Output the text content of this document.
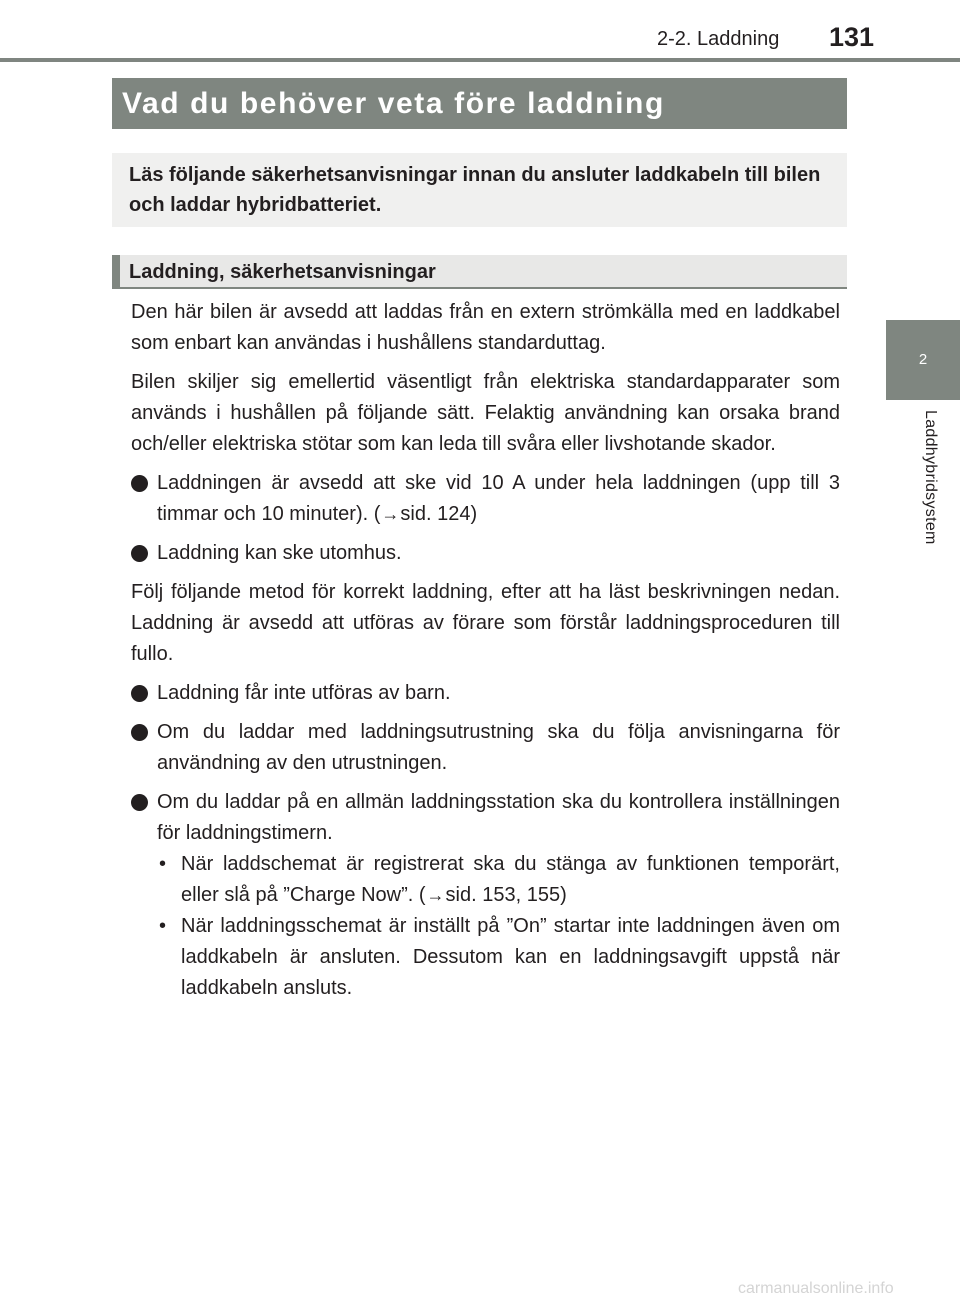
2-2. Laddning 131
2
Laddhybridsystem
Vad du behöver veta före laddning
Läs följande säkerhetsanvisningar innan du ansluter laddkabeln till bilen och laddar hybridbatteriet.
Laddning, säkerhetsanvisningar

Den här bilen är avsedd att laddas från en extern strömkälla med en laddkabel som enbart kan användas i hushållens standarduttag.

Bilen skiljer sig emellertid väsentligt från elektriska standardapparater som används i hushållen på följande sätt. Felaktig användning kan orsaka brand och/eller elektriska stötar som kan leda till svåra eller livshotande skador.

Laddningen är avsedd att ske vid 10 A under hela laddningen (upp till 3 timmar och 10 minuter). (→sid. 124)
Laddning kan ske utomhus.

Följ följande metod för korrekt laddning, efter att ha läst beskrivningen nedan. Laddning är avsedd att utföras av förare som förstår laddningsproceduren till fullo.

Laddning får inte utföras av barn.
Om du laddar med laddningsutrustning ska du följa anvisningarna för användning av den utrustningen.
Om du laddar på en allmän laddningsstation ska du kontrollera inställningen för laddningstimern.
• När laddschemat är registrerat ska du stänga av funktionen temporärt, eller slå på ”Charge Now”. (→sid. 153, 155)
• När laddningsschemat är inställt på ”On” startar inte laddningen även om laddkabeln är ansluten. Dessutom kan en laddningsavgift uppstå när laddkabeln ansluts.
carmanualsonline.info
